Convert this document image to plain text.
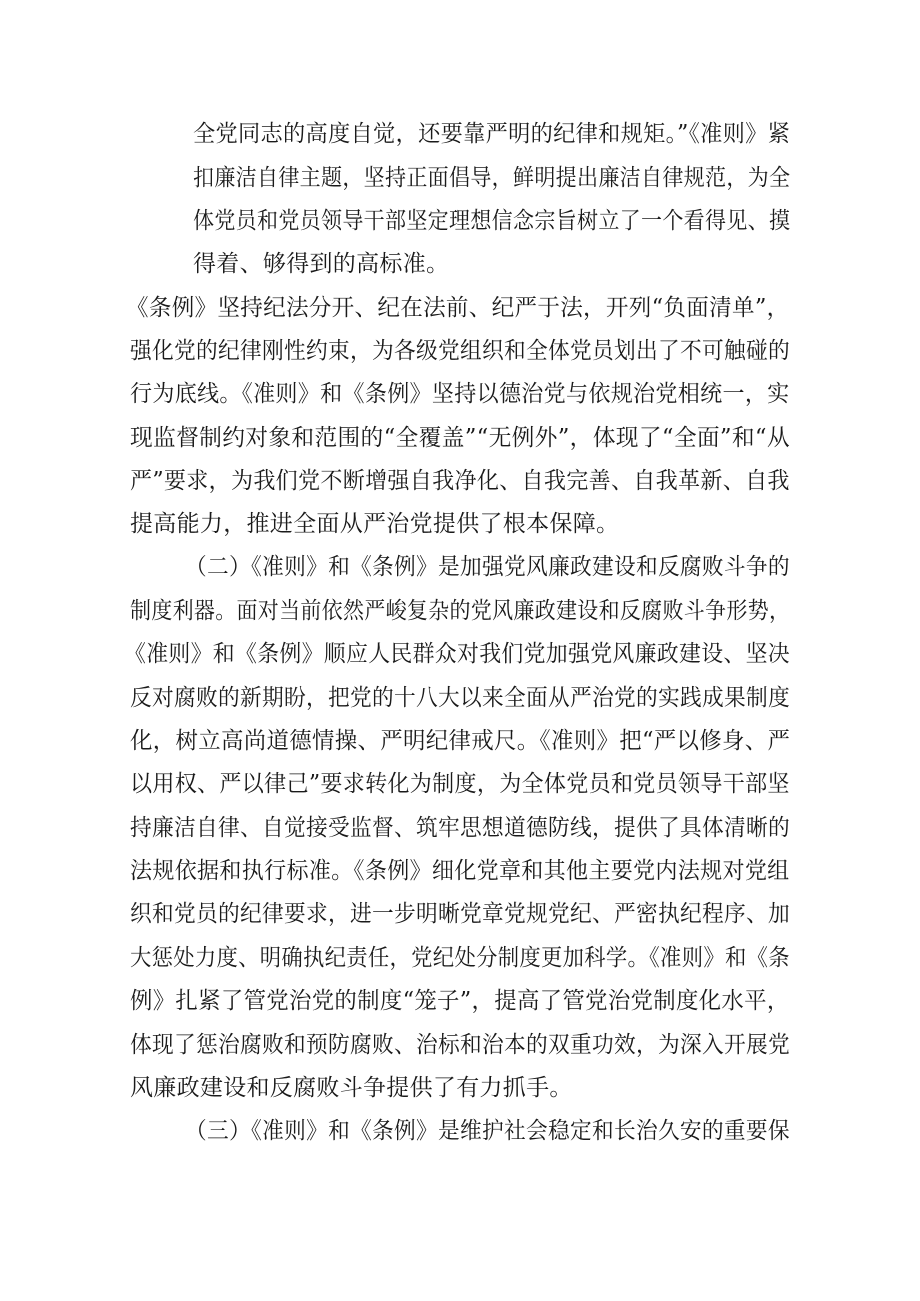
全党同志的高度自觉，还要靠严明的纪律和规矩。”《准则》紧
扣廉洁自律主题，坚持正面倡导，鲜明提出廉洁自律规范，为全
体党员和党员领导干部坚定理想信念宗旨树立了一个看得见、摸
得着、够得到的高标准。
《条例》坚持纪法分开、纪在法前、纪严于法，开列“负面清单”，
强化党的纪律刚性约束，为各级党组织和全体党员划出了不可触碰的
行为底线。《准则》和《条例》坚持以德治党与依规治党相统一，实
现监督制约对象和范围的“全覆盖”“无例外”，体现了“全面”和“从
严”要求，为我们党不断增强自我净化、自我完善、自我革新、自我
提高能力，推进全面从严治党提供了根本保障。
（二）《准则》和《条例》是加强党风廉政建设和反腐败斗争的
制度利器。面对当前依然严峻复杂的党风廉政建设和反腐败斗争形势，
《准则》和《条例》顺应人民群众对我们党加强党风廉政建设、坚决
反对腐败的新期盼，把党的十八大以来全面从严治党的实践成果制度
化，树立高尚道德情操、严明纪律戒尺。《准则》把“严以修身、严
以用权、严以律己”要求转化为制度，为全体党员和党员领导干部坚
持廉洁自律、自觉接受监督、筑牢思想道德防线，提供了具体清晰的
法规依据和执行标准。《条例》细化党章和其他主要党内法规对党组
织和党员的纪律要求，进一步明晰党章党规党纪、严密执纪程序、加
大惩处力度、明确执纪责任，党纪处分制度更加科学。《准则》和《条
例》扎紧了管党治党的制度“笼子”，提高了管党治党制度化水平，
体现了惩治腐败和预防腐败、治标和治本的双重功效，为深入开展党
风廉政建设和反腐败斗争提供了有力抓手。
（三）《准则》和《条例》是维护社会稳定和长治久安的重要保
